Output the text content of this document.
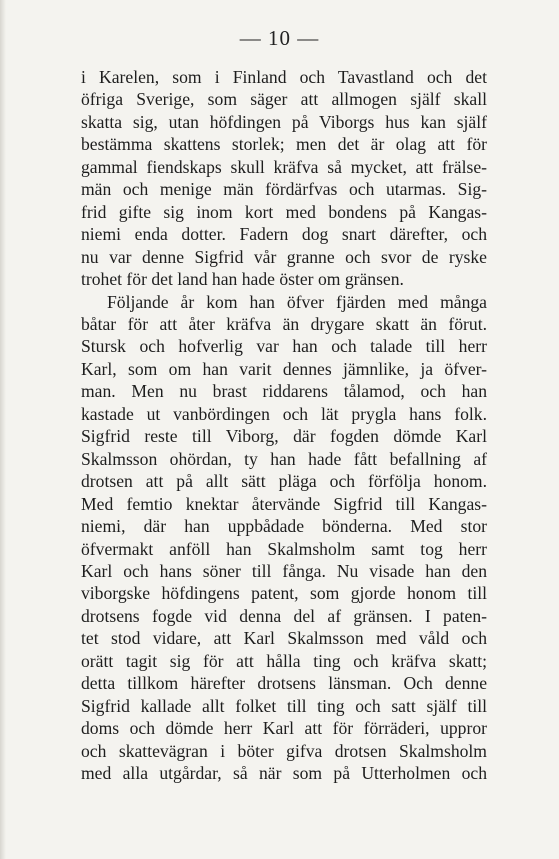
— 10 —
i Karelen, som i Finland och Tavastland och det
öfriga Sverige, som säger att allmogen själf skall
skatta sig, utan höfdingen på Viborgs hus kan själf
bestämma skattens storlek; men det är olag att för
gammal fiendskaps skull kräfva så mycket, att frälse-
män och menige män fördärfvas och utarmas. Sig-
frid gifte sig inom kort med bondens på Kangas-
niemi enda dotter. Fadern dog snart därefter, och
nu var denne Sigfrid vår granne och svor de ryske
trohet för det land han hade öster om gränsen.
Följande år kom han öfver fjärden med många
båtar för att åter kräfva än drygare skatt än förut.
Stursk och hofverlig var han och talade till herr
Karl, som om han varit dennes jämnlike, ja öfver-
man. Men nu brast riddarens tålamod, och han
kastade ut vanbördingen och lät prygla hans folk.
Sigfrid reste till Viborg, där fogden dömde Karl
Skalmsson ohördan, ty han hade fått befallning af
drotsen att på allt sätt pläga och förfölja honom.
Med femtio knektar återvände Sigfrid till Kangas-
niemi, där han uppbådade bönderna. Med stor
öfvermakt anföll han Skalmsholm samt tog herr
Karl och hans söner till fånga. Nu visade han den
viborgske höfdingens patent, som gjorde honom till
drotsens fogde vid denna del af gränsen. I paten-
tet stod vidare, att Karl Skalmsson med våld och
orätt tagit sig för att hålla ting och kräfva skatt;
detta tillkom härefter drotsens länsman. Och denne
Sigfrid kallade allt folket till ting och satt själf till
doms och dömde herr Karl att för förräderi, uppror
och skattevägran i böter gifva drotsen Skalmsholm
med alla utgårdar, så när som på Utterholmen och
